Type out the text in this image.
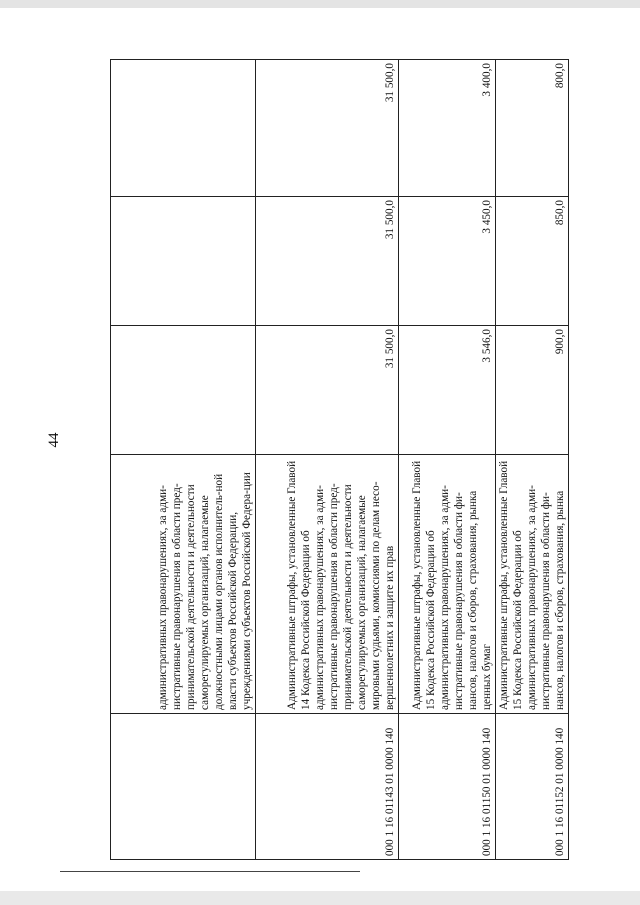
44
	административных правонарушениях, за адми-нистративные правонарушения в области пред-принимательской деятельности и деятельности саморегулируемых организаций, налагаемые должностными лицами органов исполнитель-ной власти субъектов Российской Федерации, учреждениями субъектов Российской Федера-ции			
000 1 16 01143 01 0000 140	Административные штрафы, установленные Главой 14 Кодекса Российской Федерации об административных правонарушениях, за адми-нистративные правонарушения в области пред-принимательской деятельности и деятельности саморегулируемых организаций, налагаемые мировыми судьями, комиссиями по делам несо-вершеннолетних и защите их прав	31 500,0	31 500,0	31 500,0
000 1 16 01150 01 0000 140	Административные штрафы, установленные Главой 15 Кодекса Российской Федерации об административных правонарушениях, за адми-нистративные правонарушения в области фи-нансов, налогов и сборов, страхования, рынка ценных бумаг	3 546,0	3 450,0	3 400,0
000 1 16 01152 01 0000 140	Административные штрафы, установленные Главой 15 Кодекса Российской Федерации об административных правонарушениях, за адми-нистративные правонарушения в области фи-нансов, налогов и сборов, страхования, рынка	900,0	850,0	800,0
